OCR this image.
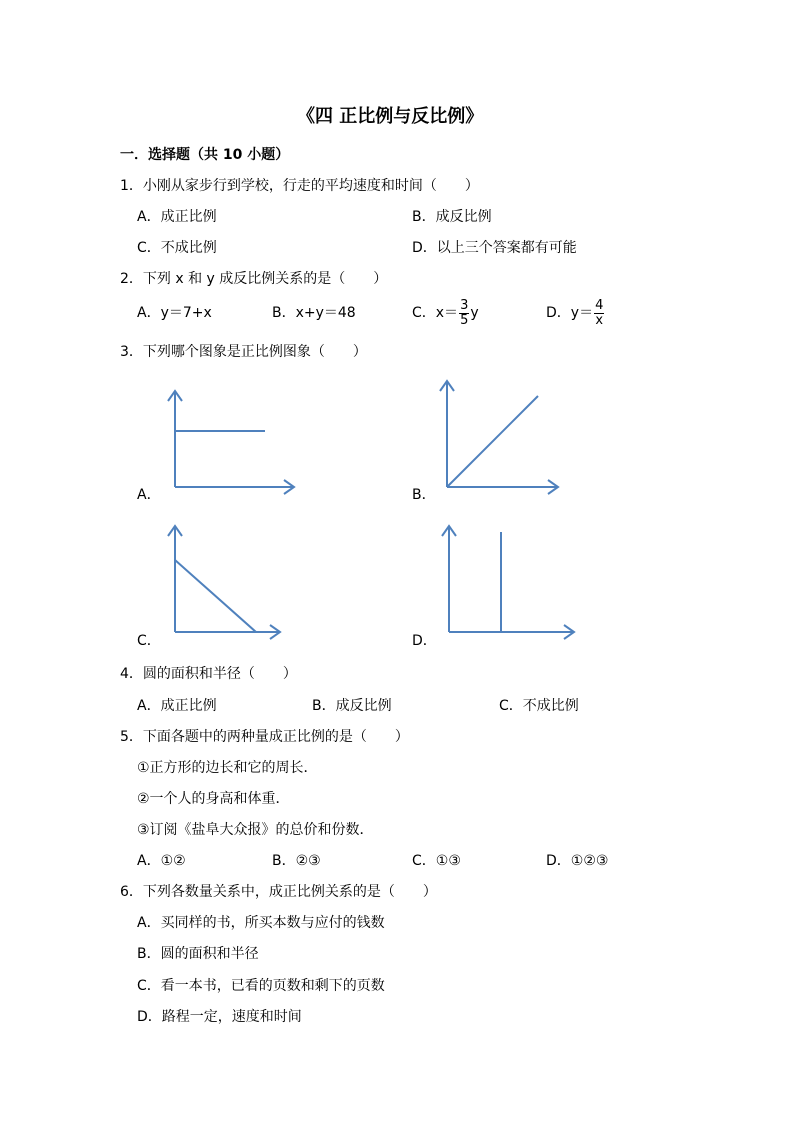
《四 正比例与反比例》
一．选择题（共 10 小题）
1．小刚从家步行到学校，行走的平均速度和时间（　　）
A．成正比例	B．成反比例
C．不成比例	D．以上三个答案都有可能
2．下列 x 和 y 成反比例关系的是（　　）
A．y＝7+x	B．x+y＝48	C．$x= \frac{3}{5}$ y	D．$y= \frac{4}{x}$
3．下列哪个图象是正比例图象（　　）
A．	B．
C．	D．
4．圆的面积和半径（　　）
A．成正比例	B．成反比例	C．不成比例
5．下面各题中的两种量成正比例的是（　　）
①正方形的边长和它的周长．
②一个人的身高和体重．
③订阅《盐阜大众报》的总价和份数．
A．①②	B．②③	C．①③	D．①②③
6．下列各数量关系中，成正比例关系的是（　　）
A．买同样的书，所买本数与应付的钱数
B．圆的面积和半径
C．看一本书，已看的页数和剩下的页数
D．路程一定，速度和时间
